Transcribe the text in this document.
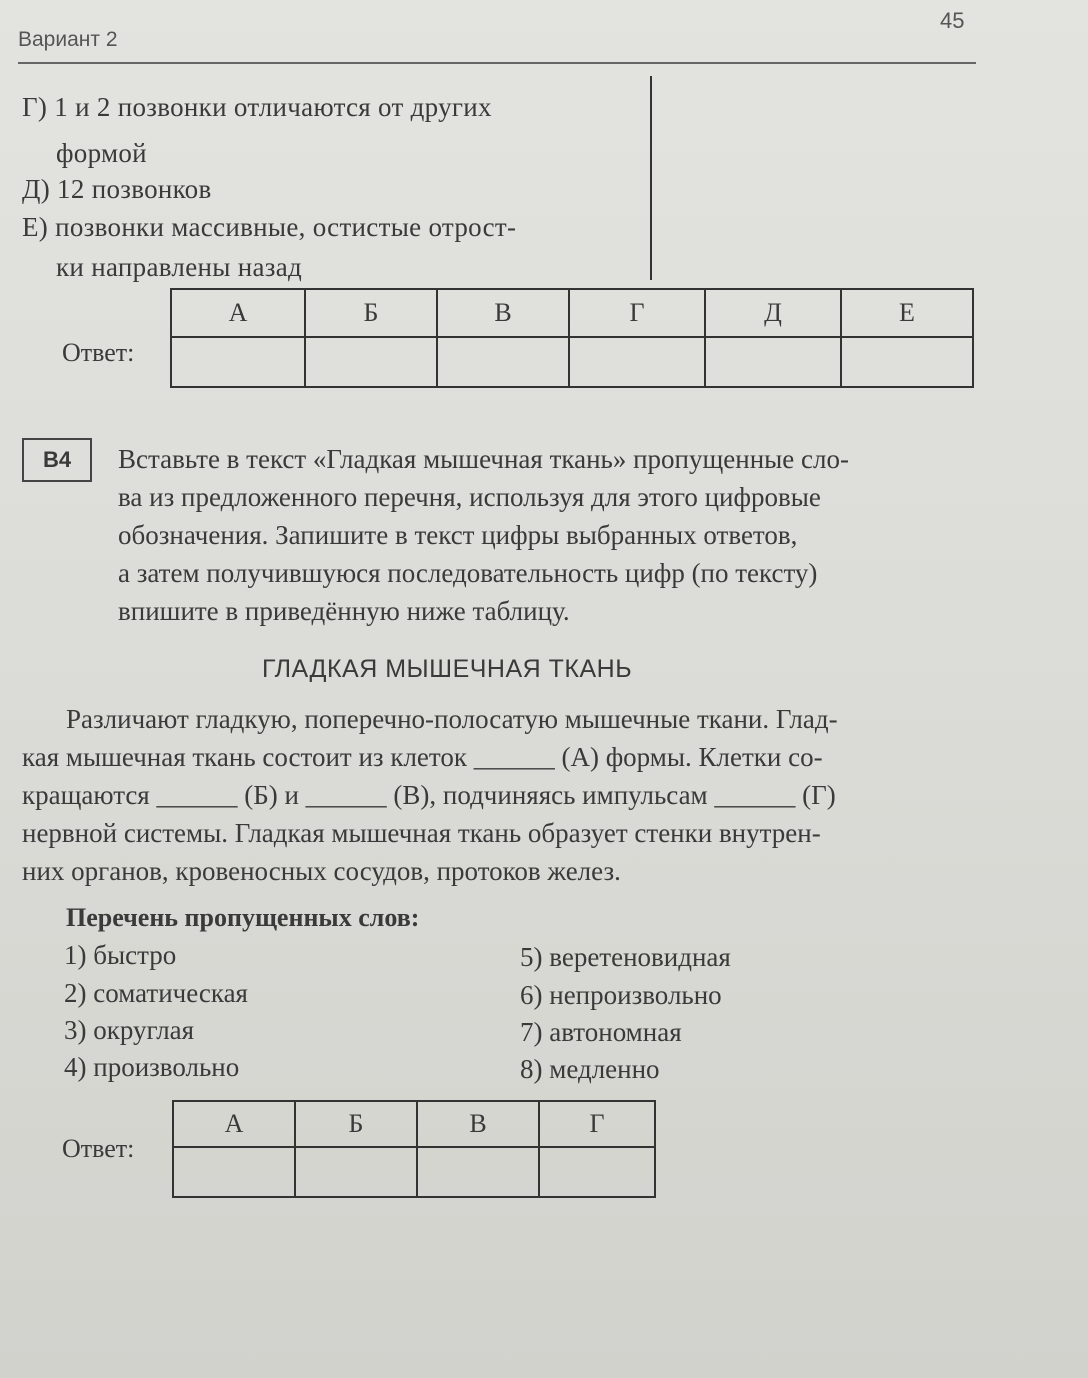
Вариант 2
45
Г) 1 и 2 позвонки отличаются от других
формой
Д) 12 позвонков
Е) позвонки массивные, остистые отрост-
ки направлены назад
Ответ:
А	Б	В	Г	Д	Е

В4	Вставьте в текст «Гладкая мышечная ткань» пропущенные сло-
ва из предложенного перечня, используя для этого цифровые
обозначения. Запишите в текст цифры выбранных ответов,
а затем получившуюся последовательность цифр (по тексту)
впишите в приведённую ниже таблицу.
ГЛАДКАЯ МЫШЕЧНАЯ ТКАНЬ
Различают гладкую, поперечно-полосатую мышечные ткани. Глад-
кая мышечная ткань состоит из клеток ______ (А) формы. Клетки со-
кращаются ______ (Б) и ______ (В), подчиняясь импульсам ______ (Г)
нервной системы. Гладкая мышечная ткань образует стенки внутрен-
них органов, кровеносных сосудов, протоков желез.
Перечень пропущенных слов:
1) быстро
2) соматическая
3) округлая
4) произвольно
5) веретеновидная
6) непроизвольно
7) автономная
8) медленно
Ответ:
А	Б	В	Г
